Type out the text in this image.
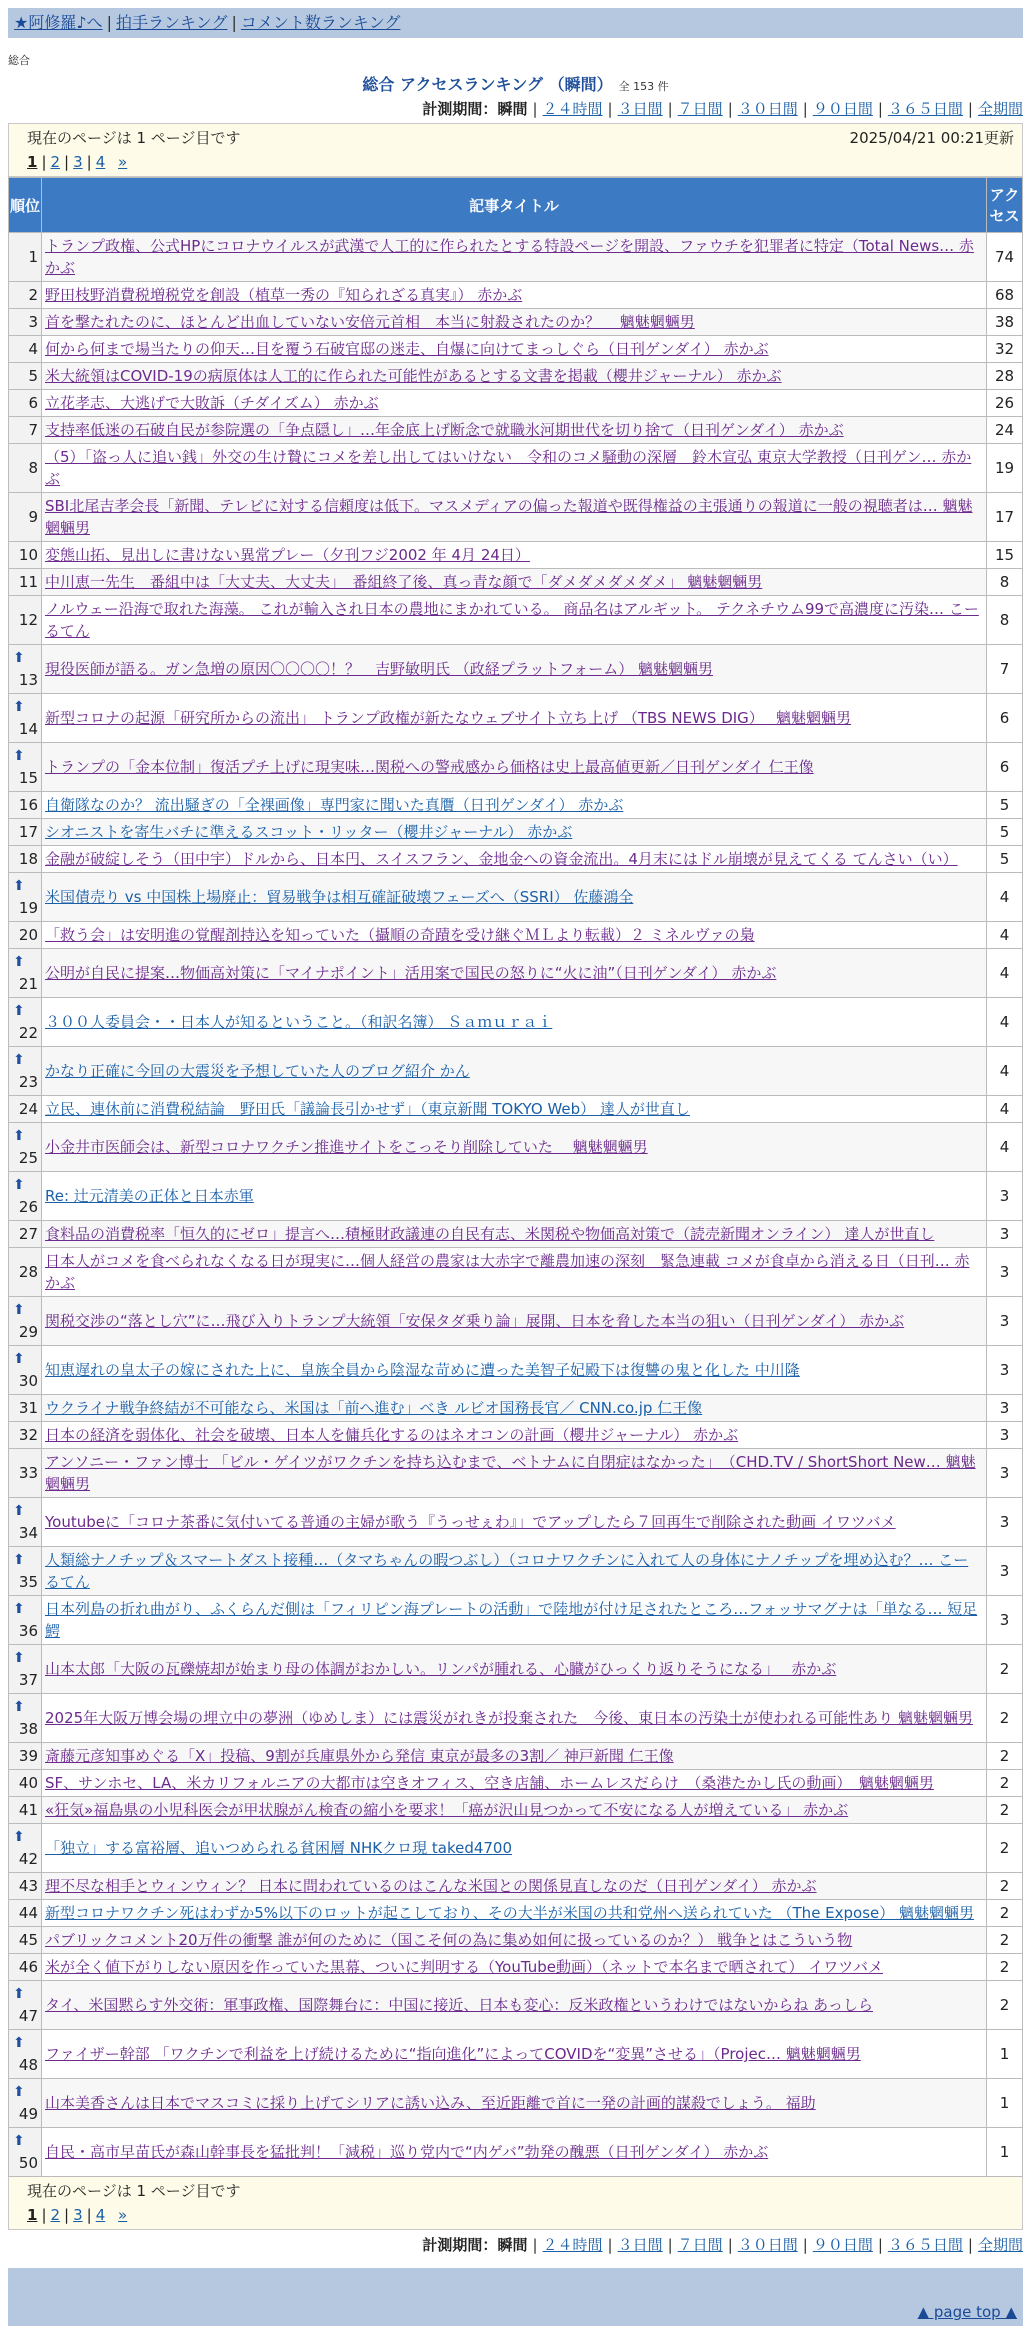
★阿修羅♪へ | 拍手ランキング | コメント数ランキング
総合
総合 アクセスランキング （瞬間） 全 153 件
計測期間：瞬間 | ２４時間 | ３日間 | ７日間 | ３０日間 | ９０日間 | ３６５日間 | 全期間
現在のページは 1 ページ目です	2025/04/21 00:21更新
1 | 2 | 3 | 4 »
順位	記事タイトル	アクセス
1	トランプ政権、公式HPにコロナウイルスが武漢で人工的に作られたとする特設ページを開設、ファウチを犯罪者に特定（Total News… 赤かぶ	74
2	野田枝野消費税増税党を創設（植草一秀の『知られざる真実』） 赤かぶ	68
3	首を撃たれたのに、ほとんど出血していない安倍元首相　本当に射殺されたのか？　 魑魅魍魎男	38
4	何から何まで場当たりの仰天…目を覆う石破官邸の迷走、自爆に向けてまっしぐら（日刊ゲンダイ） 赤かぶ	32
5	米大統領はCOVID-19の病原体は人工的に作られた可能性があるとする文書を掲載（櫻井ジャーナル） 赤かぶ	28
6	立花孝志、大逃げで大敗訴（チダイズム） 赤かぶ	26
7	支持率低迷の石破自民が参院選の「争点隠し」…年金底上げ断念で就職氷河期世代を切り捨て（日刊ゲンダイ） 赤かぶ	24
8	（5）「盗っ人に追い銭」外交の生け贄にコメを差し出してはいけない　令和のコメ騒動の深層　鈴木宣弘 東京大学教授（日刊ゲン… 赤かぶ	19
9	SBI北尾吉孝会長「新聞、テレビに対する信頼度は低下。マスメディアの偏った報道や既得権益の主張通りの報道に一般の視聴者は… 魑魅魍魎男	17
10	変態山拓、見出しに書けない異常プレー（夕刊フジ2002 年 4月 24日）	15
11	中川恵一先生　番組中は「大丈夫、大丈夫」　番組終了後、真っ青な顔で「ダメダメダメダメ」 魑魅魍魎男	8
12	ノルウェー沿海で取れた海藻。 これが輸入され日本の農地にまかれている。 商品名はアルギット。 テクネチウム99で高濃度に汚染… こーるてん	8

⬆
13	現役医師が語る。ガン急増の原因〇〇〇〇！？　吉野敏明氏 （政経プラットフォーム） 魑魅魍魎男	7

⬆
14	新型コロナの起源「研究所からの流出」 トランプ政権が新たなウェブサイト立ち上げ （TBS NEWS DIG）　 魑魅魍魎男	6

⬆
15	トランプの「金本位制」復活プチ上げに現実味…関税への警戒感から価格は史上最高値更新／日刊ゲンダイ 仁王像	6
16	自衛隊なのか？ 流出騒ぎの「全裸画像」専門家に聞いた真贋（日刊ゲンダイ） 赤かぶ	5
17	シオニストを寄生バチに準えるスコット・リッター（櫻井ジャーナル） 赤かぶ	5
18	金融が破綻しそう（田中宇）ドルから、日本円、スイスフラン、金地金への資金流出。4月末にはドル崩壊が見えてくる てんさい（い）	5

⬆
19	米国債売り vs 中国株上場廃止：貿易戦争は相互確証破壊フェーズへ（SSRI） 佐藤鴻全	4
20	「救う会」は安明進の覚醒剤持込を知っていた（攝順の奇蹟を受け継ぐＭＬより転載）２ ミネルヴァの梟	4

⬆
21	公明が自民に提案…物価高対策に「マイナポイント」活用案で国民の怒りに“火に油”（日刊ゲンダイ） 赤かぶ	4

⬆
22	３００人委員会・・日本人が知るということ。（和訳名簿） Ｓａｍｕｒａｉ	4

⬆
23	かなり正確に今回の大震災を予想していた人のブログ紹介 かん	4
24	立民、連休前に消費税結論　野田氏「議論長引かせず」（東京新聞 TOKYO Web） 達人が世直し	4

⬆
25	小金井市医師会は、新型コロナワクチン推進サイトをこっそり削除していた　 魑魅魍魎男	4

⬆
26	Re: 辻元清美の正体と日本赤軍	3
27	食料品の消費税率「恒久的にゼロ」提言へ…積極財政議連の自民有志、米関税や物価高対策で（読売新聞オンライン） 達人が世直し	3
28	日本人がコメを食べられなくなる日が現実に…個人経営の農家は大赤字で離農加速の深刻　緊急連載 コメが食卓から消える日（日刊… 赤かぶ	3

⬆
29	関税交渉の“落とし穴”に…飛び入りトランプ大統領「安保タダ乗り論」展開、日本を脅した本当の狙い（日刊ゲンダイ） 赤かぶ	3

⬆
30	知恵遅れの皇太子の嫁にされた上に、皇族全員から陰湿な苛めに遭った美智子妃殿下は復讐の鬼と化した 中川隆	3
31	ウクライナ戦争終結が不可能なら、米国は「前へ進む」べき ルビオ国務長官／ CNN.co.jp 仁王像	3
32	日本の経済を弱体化、社会を破壊、日本人を傭兵化するのはネオコンの計画（櫻井ジャーナル） 赤かぶ	3
33	アンソニー・ファン博士 「ビル・ゲイツがワクチンを持ち込むまで、ベトナムに自閉症はなかった」　（CHD.TV / ShortShort New… 魑魅魍魎男	3

⬆
34	Youtubeに「コロナ茶番に気付いてる普通の主婦が歌う『うっせぇわ』」でアップしたら７回再生で削除された動画 イワツバメ	3

⬆
35	人類総ナノチップ＆スマートダスト接種…（タマちゃんの暇つぶし）（コロナワクチンに入れて人の身体にナノチップを埋め込む？… こーるてん	3

⬆
36	日本列島の折れ曲がり、ふくらんだ側は「フィリピン海プレートの活動」で陸地が付け足されたところ…フォッサマグナは「単なる… 短足鰐	3

⬆
37	山本太郎「大阪の瓦礫焼却が始まり母の体調がおかしい。リンパが腫れる、心臓がひっくり返りそうになる」　 赤かぶ	2

⬆
38	2025年大阪万博会場の埋立中の夢洲（ゆめしま）には震災がれきが投棄された　今後、東日本の汚染土が使われる可能性あり 魑魅魍魎男	2
39	斎藤元彦知事めぐる「X」投稿、9割が兵庫県外から発信 東京が最多の3割／ 神戸新聞 仁王像	2
40	SF、サンホセ、LA、米カリフォルニアの大都市は空きオフィス、空き店舗、ホームレスだらけ　（桑港たかし氏の動画）　魑魅魍魎男	2
41	«狂気»福島県の小児科医会が甲状腺がん検査の縮小を要求！「癌が沢山見つかって不安になる人が増えている」 赤かぶ	2

⬆
42	「独立」する富裕層、追いつめられる貧困層 NHKクロ現 taked4700	2
43	理不尽な相手とウィンウィン？ 日本に問われているのはこんな米国との関係見直しなのだ（日刊ゲンダイ） 赤かぶ	2
44	新型コロナワクチン死はわずか5%以下のロットが起こしており、その大半が米国の共和党州へ送られていた （The Expose） 魑魅魍魎男	2
45	パブリックコメント20万件の衝撃 誰が何のために（国こそ何の為に集め如何に扱っているのか？） 戦争とはこういう物	2
46	米が全く値下がりしない原因を作っていた黒幕、ついに判明する（YouTube動画）（ネットで本名まで晒されて） イワツバメ	2

⬆
47	タイ、米国黙らす外交術：軍事政権、国際舞台に：中国に接近、日本も変心：反米政権というわけではないからね あっしら	2

⬆
48	ファイザー幹部 「ワクチンで利益を上げ続けるために“指向進化”によってCOVIDを“変異”させる」（Projec… 魑魅魍魎男	1

⬆
49	山本美香さんは日本でマスコミに採り上げてシリアに誘い込み、至近距離で首に一発の計画的謀殺でしょう。 福助	1

⬆
50	自民・高市早苗氏が森山幹事長を猛批判！「減税」巡り党内で“内ゲバ”勃発の醜悪（日刊ゲンダイ） 赤かぶ	1
現在のページは 1 ページ目です
1 | 2 | 3 | 4 »
計測期間：瞬間 | ２４時間 | ３日間 | ７日間 | ３０日間 | ９０日間 | ３６５日間 | 全期間
▲ page top ▲
